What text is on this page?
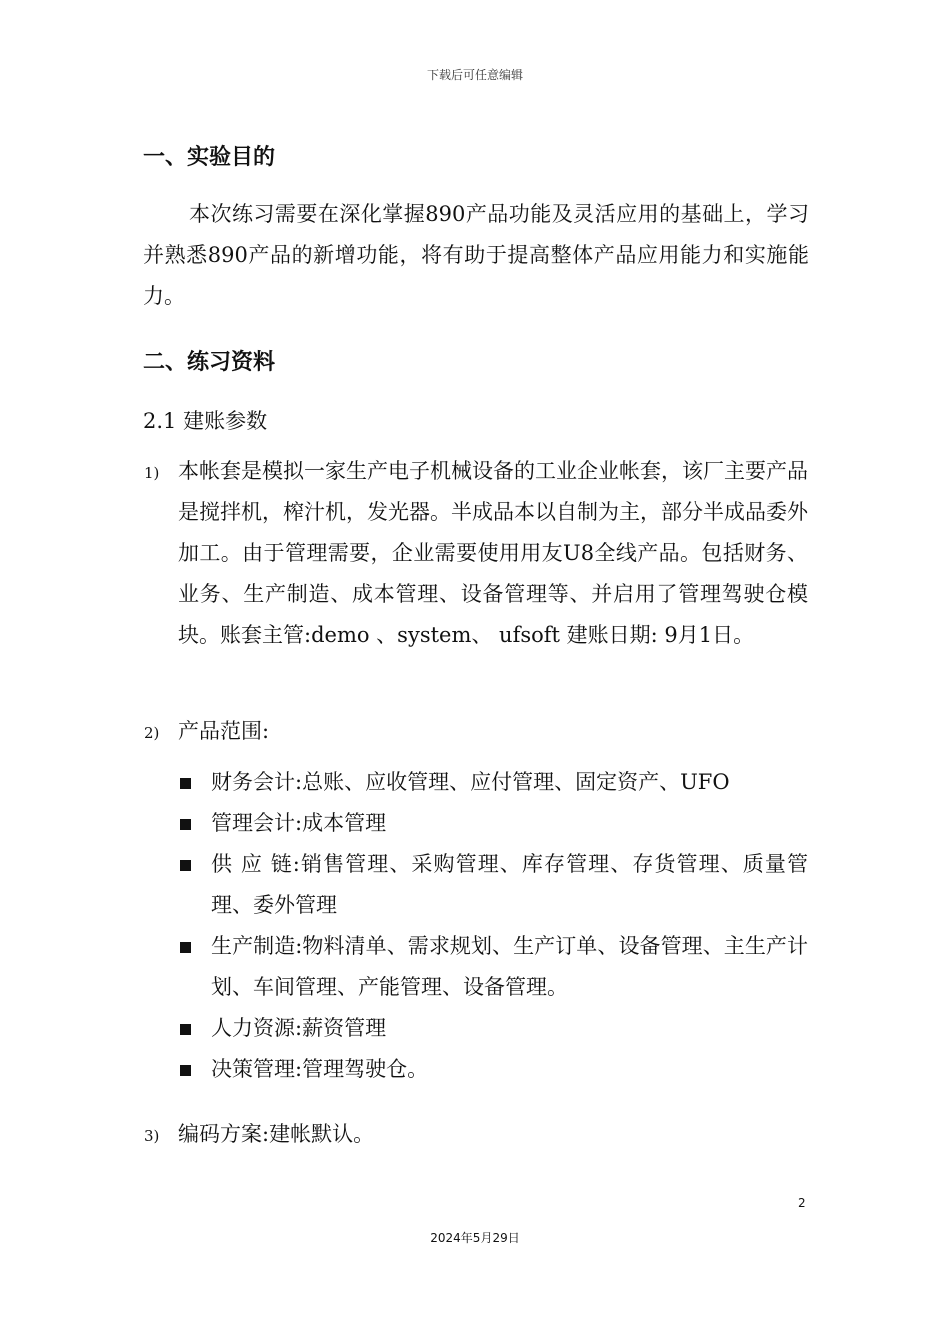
下载后可任意编辑
一、实验目的
本次练习需要在深化掌握890产品功能及灵活应用的基础上，学习并熟悉890产品的新增功能，将有助于提高整体产品应用能力和实施能力。
二、练习资料
2.1 建账参数
1) 本帐套是模拟一家生产电子机械设备的工业企业帐套，该厂主要产品是搅拌机，榨汁机，发光器。半成品本以自制为主，部分半成品委外加工。由于管理需要，企业需要使用用友U8全线产品。包括财务、业务、生产制造、成本管理、设备管理等、并启用了管理驾驶仓模块。账套主管:demo 、system、 ufsoft 建账日期: 9月1日。
2) 产品范围:
财务会计:总账、应收管理、应付管理、固定资产、UFO
管理会计:成本管理
供 应 链:销售管理、采购管理、库存管理、存货管理、质量管理、委外管理
生产制造:物料清单、需求规划、生产订单、设备管理、主生产计划、车间管理、产能管理、设备管理。
人力资源:薪资管理
决策管理:管理驾驶仓。
3) 编码方案:建帐默认。
2
2024年5月29日
